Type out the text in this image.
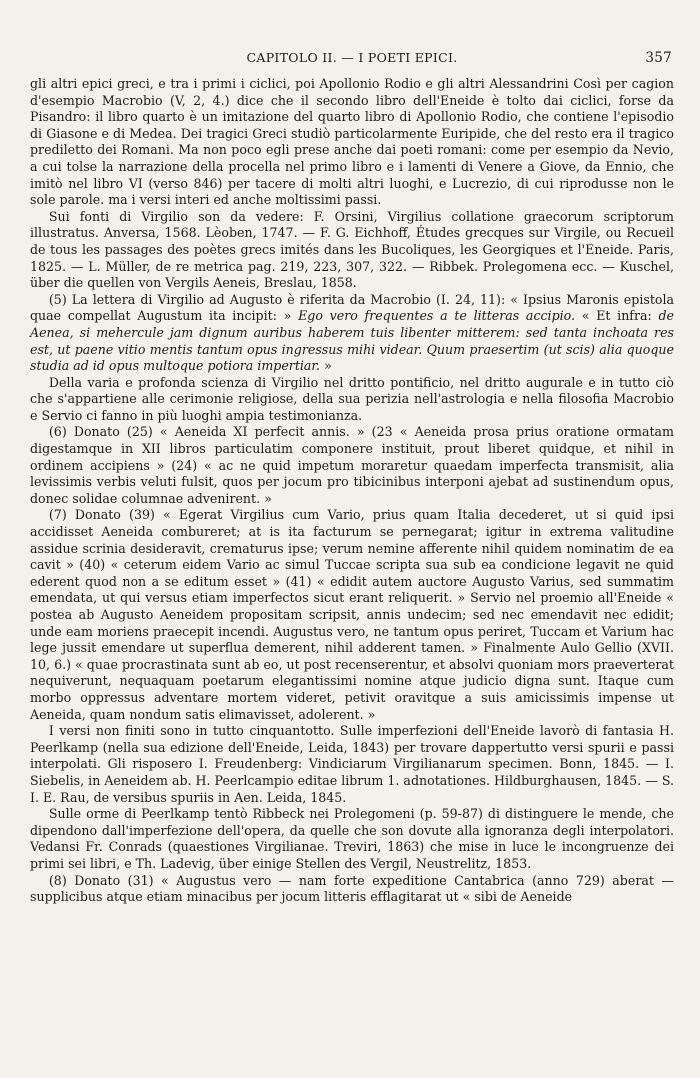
CAPITOLO II. — I POETI EPICI.	357

gli altri epici greci, e tra i primi i ciclici, poi Apollonio Rodio e gli altri Alessandrini Così per cagion d'esempio Macrobio (V, 2, 4.) dice che il secondo libro dell'Eneide è tolto dai ciclici, forse da Pisandro: il libro quarto è un imitazione del quarto libro di Apollonio Rodio, che contiene l'episodio di Giasone e di Medea. Dei tragici Greci studiò particolarmente Euripide, che del resto era il tragico prediletto dei Romani. Ma non poco egli prese anche dai poeti romani: come per esempio da Nevio, a cui tolse la narrazione della procella nel primo libro e i lamenti di Venere a Giove, da Ennio, che imitò nel libro VI (verso 846) per tacere di molti altri luoghi, e Lucrezio, di cui riprodusse non le sole parole. ma i versi interi ed anche moltissimi passi.

Sui fonti di Virgilio son da vedere: F. Orsini, Virgilius collatione graecorum scriptorum illustratus. Anversa, 1568. Lèoben, 1747. — F. G. Eichhoff, Études grecques sur Virgile, ou Recueil de tous les passages des poètes grecs imités dans les Bucoliques, les Georgiques et l'Eneide. Paris, 1825. — L. Müller, de re metrica pag. 219, 223, 307, 322. — Ribbek. Prolegomena ecc. — Kuschel, über die quellen von Vergils Aeneis, Breslau, 1858.

(5) La lettera di Virgilio ad Augusto è riferita da Macrobio (I. 24, 11): « Ipsius Maronis epistola quae compellat Augustum ita incipit: » Ego vero frequentes a te litteras accipio. « Et infra: de Aenea, si mehercule jam dignum auribus haberem tuis libenter mitterem: sed tanta inchoata res est, ut paene vitio mentis tantum opus ingressus mihi videar. Quum praesertim (ut scis) alia quoque studia ad id opus multoque potiora impertiar. »

Della varia e profonda scienza di Virgilio nel dritto pontificio, nel dritto augurale e in tutto ciò che s'appartiene alle cerimonie religiose, della sua perizia nell'astrologia e nella filosofia Macrobio e Servio ci fanno in più luoghi ampia testimonianza.

(6) Donato (25) « Aeneida XI perfecit annis. » (23 « Aeneida prosa prius oratione ormatam digestamque in XII libros particulatim componere instituit, prout liberet quidque, et nihil in ordinem accipiens » (24) « ac ne quid impetum moraretur quaedam imperfecta transmisit, alia levissimis verbis veluti fulsit, quos per jocum pro tibicinibus interponi ajebat ad sustinendum opus, donec solidae columnae advenirent. »

(7) Donato (39) « Egerat Virgilius cum Vario, prius quam Italia decederet, ut si quid ipsi accidisset Aeneida combureret; at is ita facturum se pernegarat; igitur in extrema valitudine assidue scrinia desideravit, crematurus ipse; verum nemine afferente nihil quidem nominatim de ea cavit » (40) « ceterum eidem Vario ac simul Tuccae scripta sua sub ea condicione legavit ne quid ederent quod non a se editum esset » (41) « edidit autem auctore Augusto Varius, sed summatim emendata, ut qui versus etiam imperfectos sicut erant reliquerit. » Servio nel proemio all'Eneide « postea ab Augusto Aeneidem propositam scripsit, annis undecim; sed nec emendavit nec edidit; unde eam moriens praecepit incendi. Augustus vero, ne tantum opus periret, Tuccam et Varium hac lege jussit emendare ut superflua demerent, nihil adderent tamen. » Finalmente Aulo Gellio (XVII. 10, 6.) « quae procrastinata sunt ab eo, ut post recenserentur, et absolvi quoniam mors praeverterat nequiverunt, nequaquam poetarum elegantissimi nomine atque judicio digna sunt. Itaque cum morbo oppressus adventare mortem videret, petivit oravitque a suis amicissimis impense ut Aeneida, quam nondum satis elimavisset, adolerent. »

I versi non finiti sono in tutto cinquantotto. Sulle imperfezioni dell'Eneide lavorò di fantasia H. Peerlkamp (nella sua edizione dell'Eneide, Leida, 1843) per trovare dappertutto versi spurii e passi interpolati. Gli risposero I. Freudenberg: Vindiciarum Virgilianarum specimen. Bonn, 1845. — I. Siebelis, in Aeneidem ab. H. Peerlcampio editae librum 1. adnotationes. Hildburghausen, 1845. — S. I. E. Rau, de versibus spuriis in Aen. Leida, 1845.

Sulle orme di Peerlkamp tentò Ribbeck nei Prolegomeni (p. 59-87) di distinguere le mende, che dipendono dall'imperfezione dell'opera, da quelle che son dovute alla ignoranza degli interpolatori. Vedansi Fr. Conrads (quaestiones Virgilianae. Treviri, 1863) che mise in luce le incongruenze dei primi sei libri, e Th. Ladevig, über einige Stellen des Vergil, Neustrelitz, 1853.

(8) Donato (31) « Augustus vero — nam forte expeditione Cantabrica (anno 729) aberat — supplicibus atque etiam minacibus per jocum litteris efflagitarat ut « sibi de Aeneide
